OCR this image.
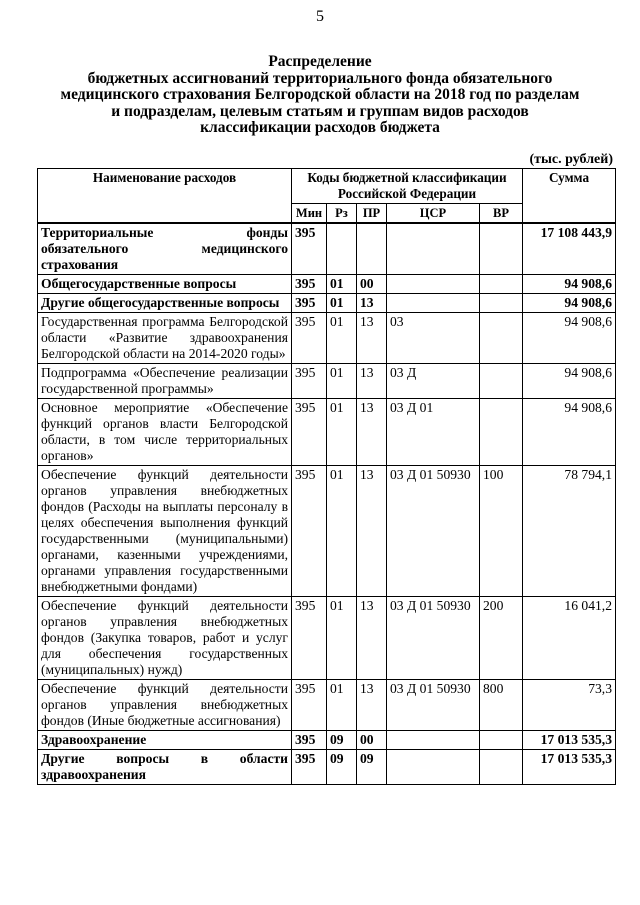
5
Распределение
бюджетных ассигнований территориального фонда обязательного
медицинского страхования Белгородской области на 2018 год по разделам
и подразделам, целевым статьям и группам видов расходов
классификации расходов бюджета
(тыс. рублей)
Наименование расходов	Коды бюджетной классификации Российской Федерации					Сумма
	Мин	Рз	ПР	ЦСР	ВР	
Территориальные фонды обязательного медицинского страхования	395					17 108 443,9
Общегосударственные вопросы	395	01	00			94 908,6
Другие общегосударственные вопросы	395	01	13			94 908,6
Государственная программа Белгородской области «Развитие здравоохранения Белгородской области на 2014-2020 годы»	395	01	13	03		94 908,6
Подпрограмма «Обеспечение реализации государственной программы»	395	01	13	03 Д		94 908,6
Основное мероприятие «Обеспечение функций органов власти Белгородской области, в том числе территориальных органов»	395	01	13	03 Д 01		94 908,6
Обеспечение функций деятельности органов управления внебюджетных фондов (Расходы на выплаты персоналу в целях обеспечения выполнения функций государственными (муниципальными) органами, казенными учреждениями, органами управления государственными внебюджетными фондами)	395	01	13	03 Д 01 50930	100	78 794,1
Обеспечение функций деятельности органов управления внебюджетных фондов (Закупка товаров, работ и услуг для обеспечения государственных (муниципальных) нужд)	395	01	13	03 Д 01 50930	200	16 041,2
Обеспечение функций деятельности органов управления внебюджетных фондов (Иные бюджетные ассигнования)	395	01	13	03 Д 01 50930	800	73,3
Здравоохранение	395	09	00			17 013 535,3
Другие вопросы в области здравоохранения	395	09	09			17 013 535,3
